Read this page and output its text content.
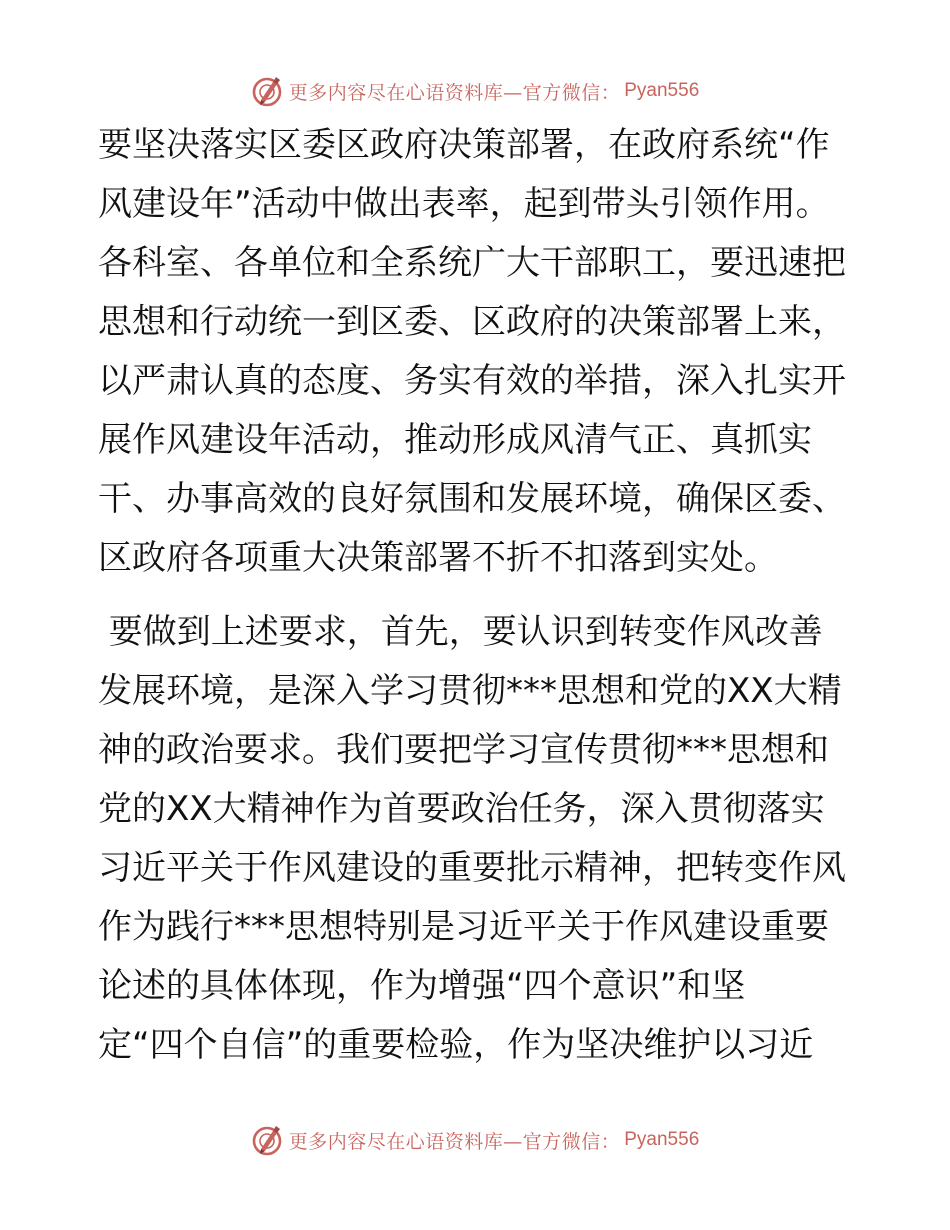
更多内容尽在心语资料库—官方微信： Pyan556

要坚决落实区委区政府决策部署，在政府系统“作
风建设年”活动中做出表率，起到带头引领作用。
各科室、各单位和全系统广大干部职工，要迅速把
思想和行动统一到区委、区政府的决策部署上来，
以严肃认真的态度、务实有效的举措，深入扎实开
展作风建设年活动，推动形成风清气正、真抓实
干、办事高效的良好氛围和发展环境，确保区委、
区政府各项重大决策部署不折不扣落到实处。

要做到上述要求，首先，要认识到转变作风改善
发展环境，是深入学习贯彻***思想和党的XX大精
神的政治要求。我们要把学习宣传贯彻***思想和
党的XX大精神作为首要政治任务，深入贯彻落实
习近平关于作风建设的重要批示精神，把转变作风
作为践行***思想特别是习近平关于作风建设重要
论述的具体体现，作为增强“四个意识”和坚
定“四个自信”的重要检验，作为坚决维护以习近

更多内容尽在心语资料库—官方微信： Pyan556
